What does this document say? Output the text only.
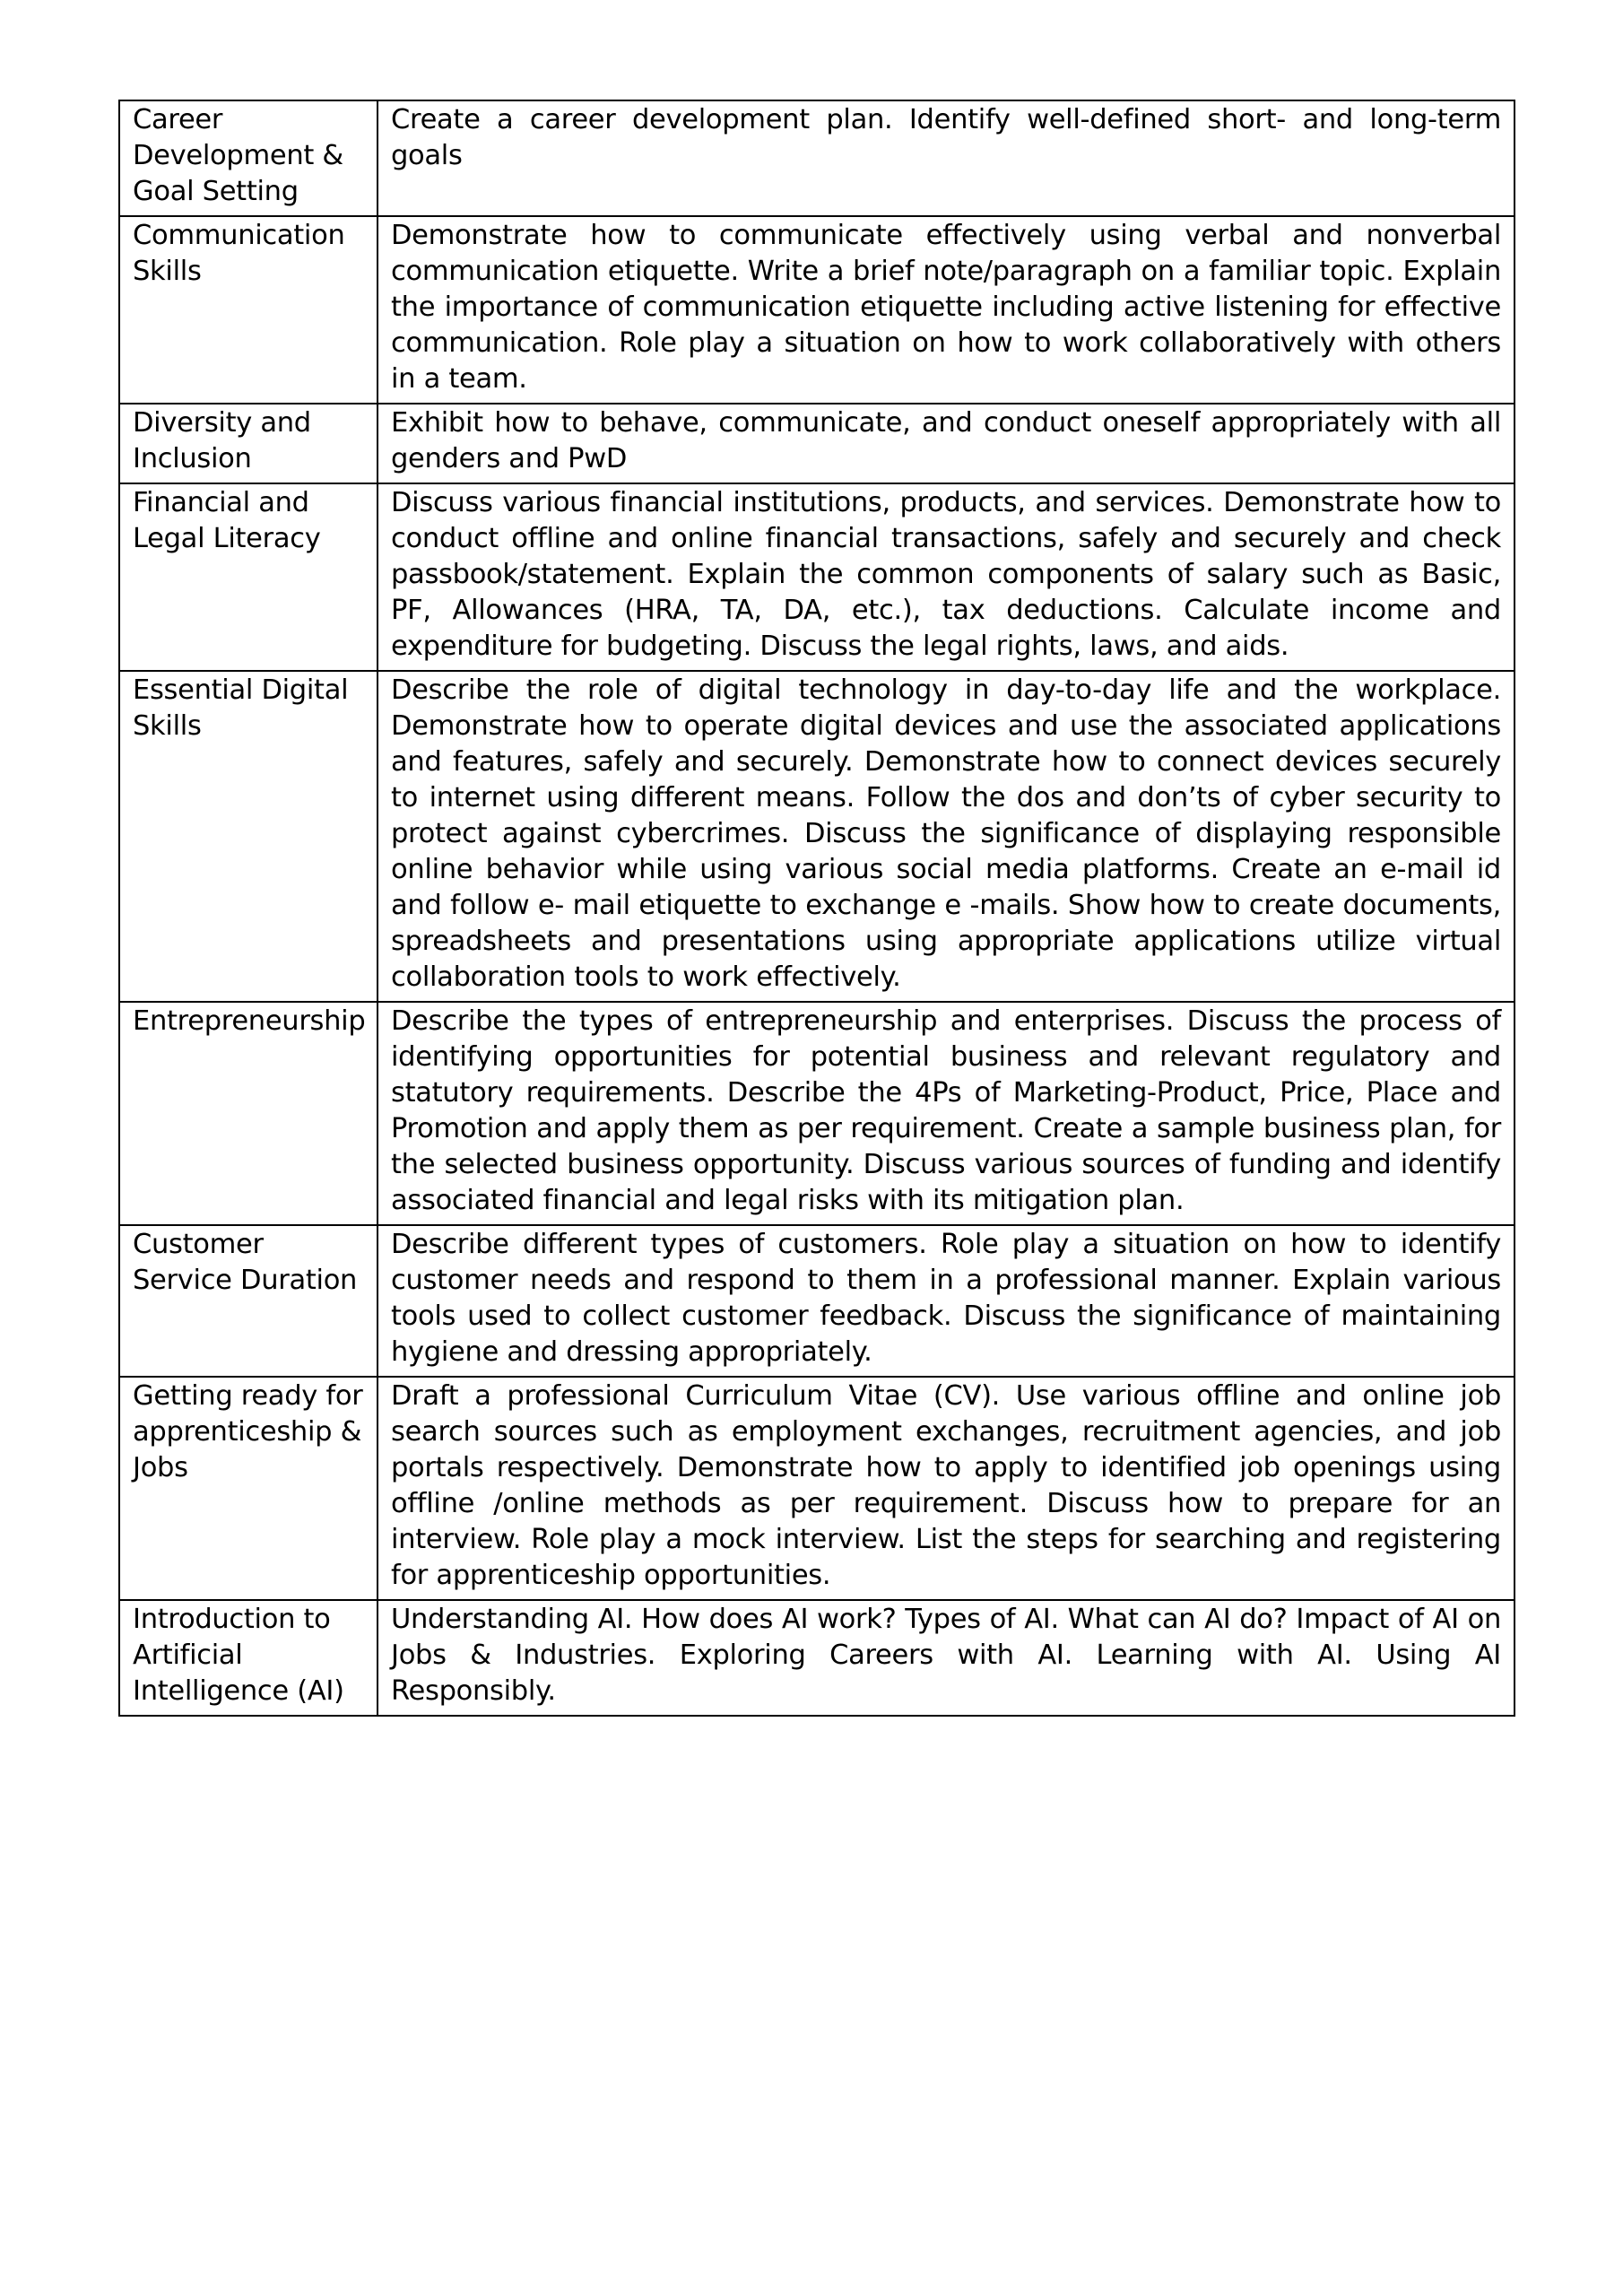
Career Development & Goal Setting	Create a career development plan. Identify well-defined short- and long-term goals
Communication Skills	Demonstrate how to communicate effectively using verbal and nonverbal communication etiquette. Write a brief note/paragraph on a familiar topic. Explain the importance of communication etiquette including active listening for effective communication. Role play a situation on how to work collaboratively with others in a team.
Diversity and Inclusion	Exhibit how to behave, communicate, and conduct oneself appropriately with all genders and PwD
Financial and Legal Literacy	Discuss various financial institutions, products, and services. Demonstrate how to conduct offline and online financial transactions, safely and securely and check passbook/statement. Explain the common components of salary such as Basic, PF, Allowances (HRA, TA, DA, etc.), tax deductions. Calculate income and expenditure for budgeting. Discuss the legal rights, laws, and aids.
Essential Digital Skills	Describe the role of digital technology in day-to-day life and the workplace. Demonstrate how to operate digital devices and use the associated applications and features, safely and securely. Demonstrate how to connect devices securely to internet using different means. Follow the dos and don’ts of cyber security to protect against cybercrimes. Discuss the significance of displaying responsible online behavior while using various social media platforms. Create an e-mail id and follow e- mail etiquette to exchange e -mails. Show how to create documents, spreadsheets and presentations using appropriate applications utilize virtual collaboration tools to work effectively.
Entrepreneurship	Describe the types of entrepreneurship and enterprises. Discuss the process of identifying opportunities for potential business and relevant regulatory and statutory requirements. Describe the 4Ps of Marketing-Product, Price, Place and Promotion and apply them as per requirement. Create a sample business plan, for the selected business opportunity. Discuss various sources of funding and identify associated financial and legal risks with its mitigation plan.
Customer Service Duration	Describe different types of customers. Role play a situation on how to identify customer needs and respond to them in a professional manner. Explain various tools used to collect customer feedback. Discuss the significance of maintaining hygiene and dressing appropriately.
Getting ready for apprenticeship & Jobs	Draft a professional Curriculum Vitae (CV). Use various offline and online job search sources such as employment exchanges, recruitment agencies, and job portals respectively. Demonstrate how to apply to identified job openings using offline /online methods as per requirement. Discuss how to prepare for an interview. Role play a mock interview. List the steps for searching and registering for apprenticeship opportunities.
Introduction to Artificial Intelligence (AI)	Understanding AI. How does AI work? Types of AI. What can AI do? Impact of AI on Jobs & Industries. Exploring Careers with AI. Learning with AI. Using AI Responsibly.
